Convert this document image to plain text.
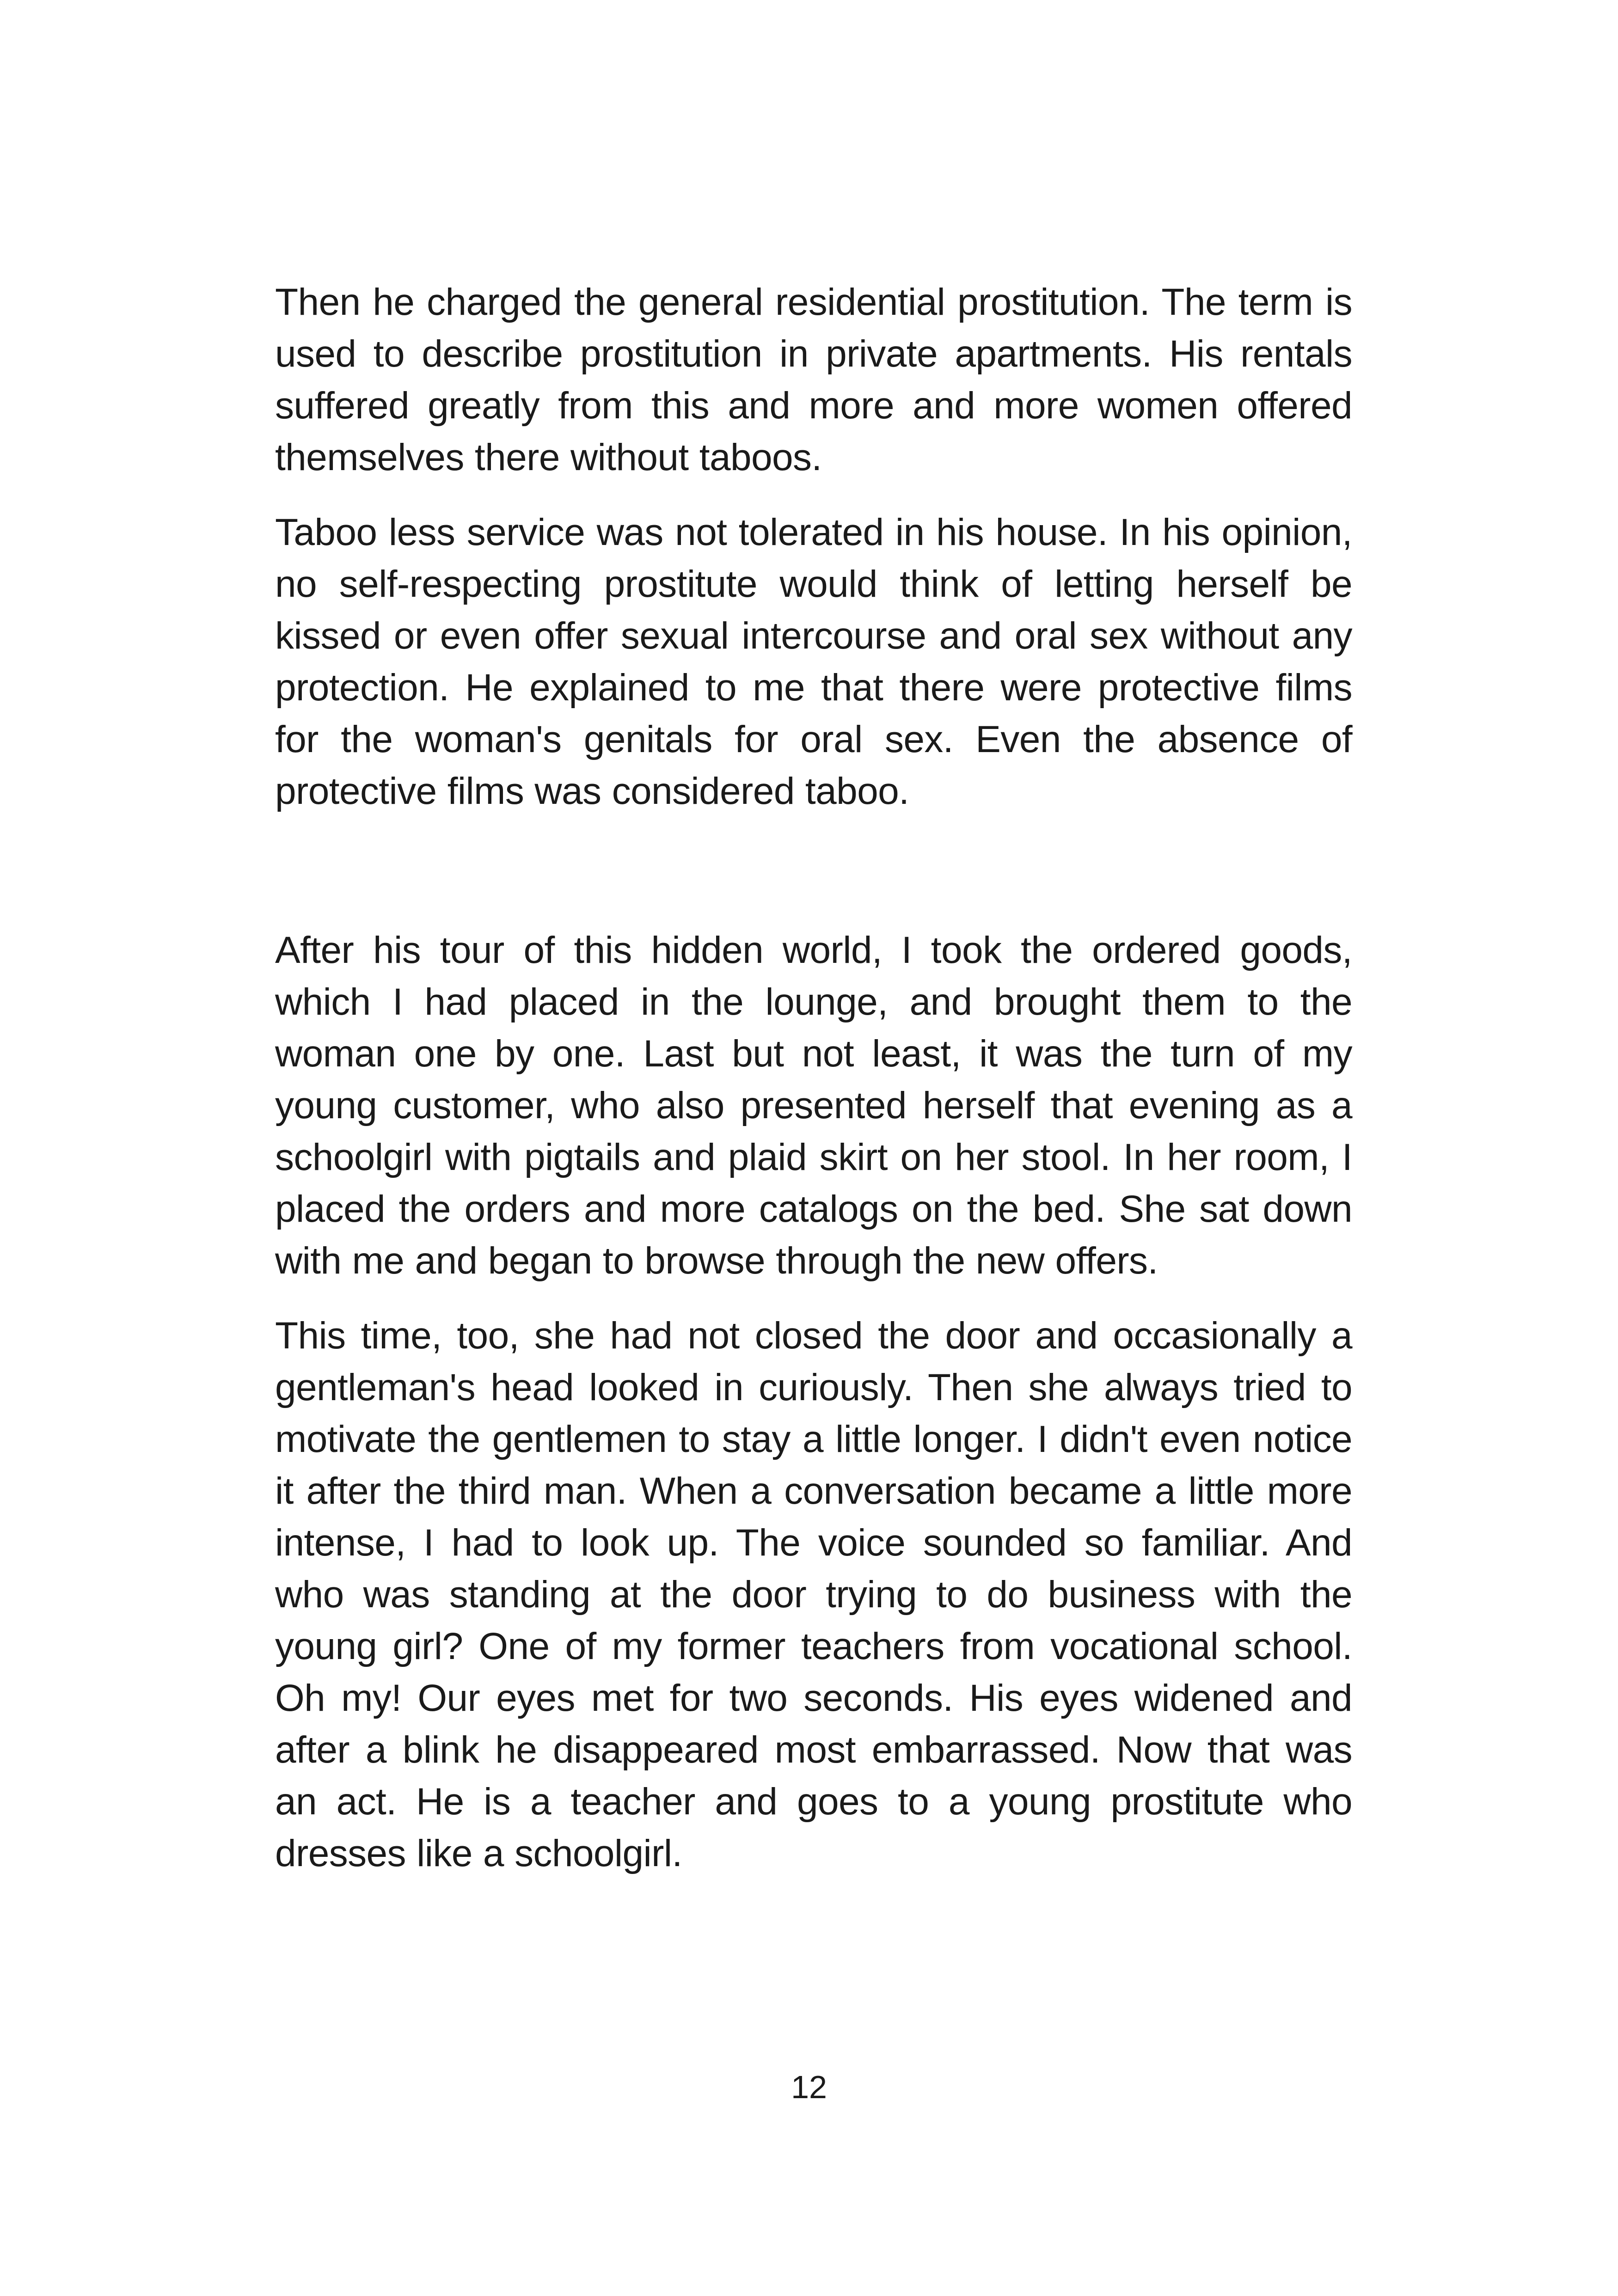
Then he charged the general residential prostitution. The term is used to describe prostitution in private apartments. His rentals suffered greatly from this and more and more women offered themselves there without taboos.

Taboo less service was not tolerated in his house. In his opinion, no self-respecting prostitute would think of letting herself be kissed or even offer sexual intercourse and oral sex without any protection. He explained to me that there were protective films for the woman's genitals for oral sex. Even the absence of protective films was considered taboo.

After his tour of this hidden world, I took the ordered goods, which I had placed in the lounge, and brought them to the woman one by one. Last but not least, it was the turn of my young customer, who also presented herself that evening as a schoolgirl with pigtails and plaid skirt on her stool. In her room, I placed the orders and more catalogs on the bed. She sat down with me and began to browse through the new offers.

This time, too, she had not closed the door and occasionally a gentleman's head looked in curiously. Then she always tried to motivate the gentlemen to stay a little longer. I didn't even notice it after the third man. When a conversation became a little more intense, I had to look up. The voice sounded so familiar. And who was standing at the door trying to do business with the young girl? One of my former teachers from vocational school. Oh my! Our eyes met for two seconds. His eyes widened and after a blink he disappeared most embarrassed. Now that was an act. He is a teacher and goes to a young prostitute who dresses like a schoolgirl.

12
